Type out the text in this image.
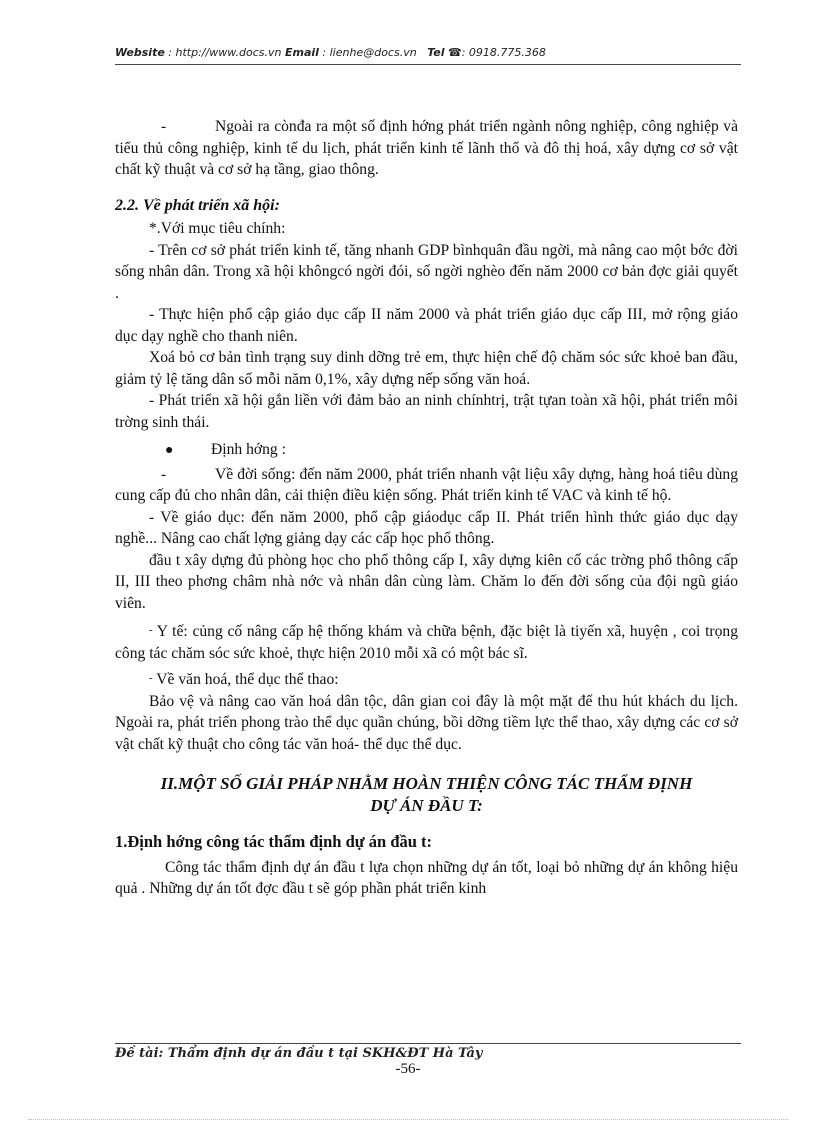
Website : http://www.docs.vn Email : lienhe@docs.vn Tel ☎: 0918.775.368

-	Ngoài ra cònđa ra một số định hớng phát triển ngành nông nghiệp, công nghiệp và tiểu thủ công nghiệp, kinh tế du lịch, phát triển kinh tế lãnh thổ và đô thị hoá, xây dựng cơ sở vật chất kỹ thuật và cơ sở hạ tầng, giao thông.

2.2. Về phát triển xã hội:

*.Với mục tiêu chính:

- Trên cơ sở phát triển kinh tế, tăng nhanh GDP bìnhquân đầu ngời, mà nâng cao một bớc đời sống nhân dân. Trong xã hội khôngcó ngời đói, số ngời nghèo đến năm 2000 cơ bản đợc giải quyết .

- Thực hiện phổ cập giáo dục cấp II năm 2000 và phát triển giáo dục cấp III, mở rộng giáo dục dạy nghề cho thanh niên.

Xoá bỏ cơ bản tình trạng suy dinh dỡng trẻ em, thực hiện chế độ chăm sóc sức khoẻ ban đầu, giảm tỷ lệ tăng dân số mỗi năm 0,1%, xây dựng nếp sống văn hoá.

- Phát triển xã hội gắn liền với đảm bảo an ninh chínhtrị, trật tựan toàn xã hội, phát triển môi trờng sinh thái.

● Định hớng :

-	Về đời sống: đến năm 2000, phát triển nhanh vật liệu xây dựng, hàng hoá tiêu dùng cung cấp đủ cho nhân dân, cải thiện điều kiện sống. Phát triển kinh tế VAC và kinh tế hộ.

- Về giáo dục: đến năm 2000, phổ cập giáodục cấp II. Phát triển hình thức giáo dục dạy nghề... Nâng cao chất lợng giảng dạy các cấp học phổ thông.

đầu t xây dựng đủ phòng học cho phổ thông cấp I, xây dựng kiên cố các trờng phổ thông cấp II, III theo phơng châm nhà nớc và nhân dân cùng làm. Chăm lo đến đời sống của đội ngũ giáo viên.

- Y tế: củng cố nâng cấp hệ thống khám và chữa bệnh, đặc biệt là tiyến xã, huyện , coi trọng công tác chăm sóc sức khoẻ, thực hiện 2010 mỗi xã có một bác sĩ.

- Về văn hoá, thể dục thể thao:

Bảo vệ và nâng cao văn hoá dân tộc, dân gian coi đây là một mặt để thu hút khách du lịch. Ngoài ra, phát triển phong trào thể dục quần chúng, bồi dỡng tiềm lực thể thao, xây dựng các cơ sở vật chất kỹ thuật cho công tác văn hoá- thể dục thể dục.

II.MỘT SỐ GIẢI PHÁP NHẰM HOÀN THIỆN CÔNG TÁC THẨM ĐỊNH
DỰ ÁN ĐẦU T:

1.Định hớng công tác thẩm định dự án đầu t:

Công tác thẩm định dự án đầu t lựa chọn những dự án tốt, loại bỏ những dự án không hiệu quả . Những dự án tốt đợc đầu t sẽ góp phần phát triển kinh

Đề tài: Thẩm định dự án đầu t tại SKH&ĐT Hà Tây
-56-
